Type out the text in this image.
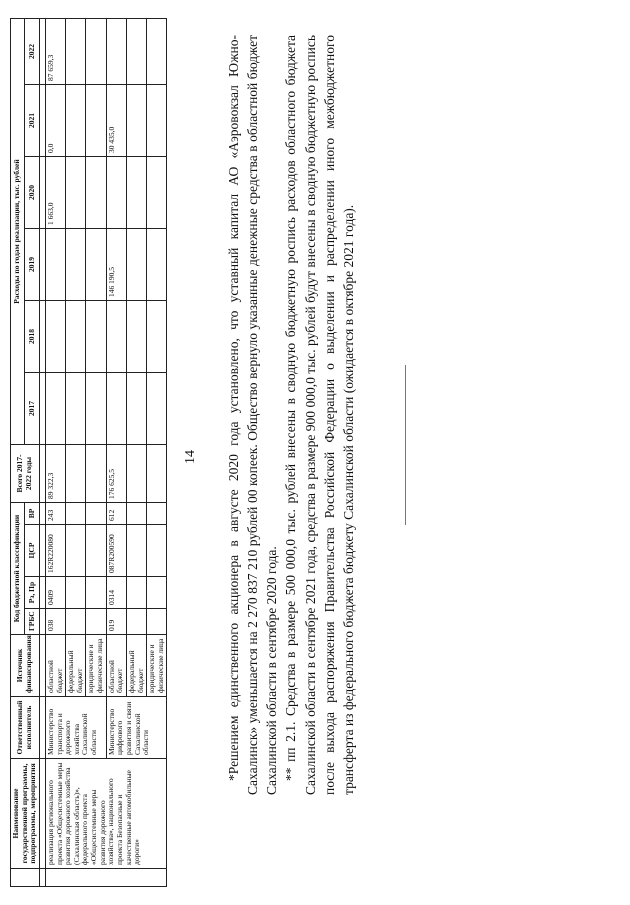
14
	Наименование государственной программы, подпрограммы, мероприятия	Ответственный исполнитель	Источник финансирования	Код бюджетной классификации				Всего 2017-2022 годы	Расходы по годам реализации, тыс. рублей					
				ГРБС	Рз, Пр	ЦСР	ВР		2017	2018	2019	2020	2021	2022

	реализация регионального проекта «Общесистемные меры развития дорожного хозяйства (Сахалинская область)», федерального проекта «Общесистемные меры развития дорожного хозяйства», национального проекта Безопасные и качественные автомобильные дороги»	Министерство транспорта и дорожного хозяйства Сахалинской области	областной бюджет	038	0409	162R220080	243	89 322,3				1 663,0	0,0	87 659,3
			федеральный бюджет											
			юридические и физические лица											
		Министерство цифрового развития и связи Сахалинской области	областной бюджет	019	0314	087R200590	612	176 625,5			146 190,5		30 435,0	
			федеральный бюджет											
			юридические и физические лица												*Решением единственного акционера в августе 2020 года установлено, что уставный капитал АО «Аэровокзал Южно-Сахалинск» уменьшается на 2 270 837 210 рублей 00 копеек. Общество вернуло указанные денежные средства в областной бюджет Сахалинской области в сентябре 2020 года. ** пп 2.1. Средства в размере 500 000,0 тыс. рублей внесены в сводную бюджетную роспись расходов областного бюджета Сахалинской области в сентябре 2021 года, средства в размере 900 000,0 тыс. рублей будут внесены в сводную бюджетную роспись после выхода распоряжения Правительства Российской Федерации о выделении и распределении иного межбюджетного трансферта из федерального бюджета бюджету Сахалинской области (ожидается в октябре 2021 года).
